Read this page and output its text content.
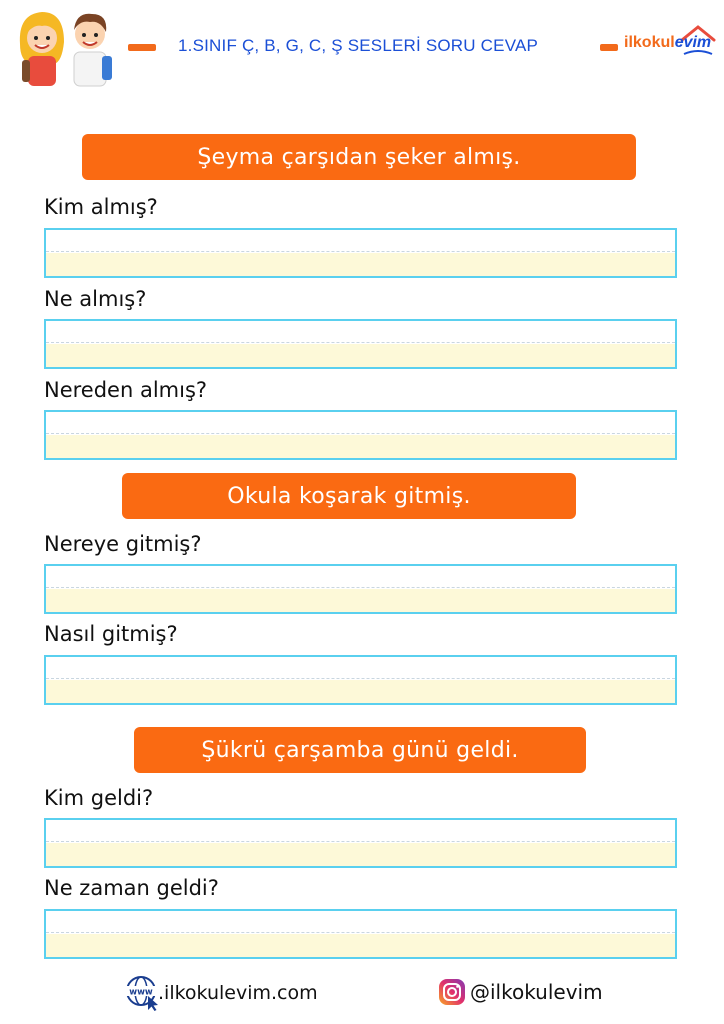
1.SINIF Ç, B, G, C, Ş SESLERİ SORU CEVAP	ilkokulevim
Şeyma çarşıdan şeker almış.
Kim almış?
Ne almış?
Nereden almış?
Okula koşarak gitmiş.
Nereye gitmiş?
Nasıl gitmiş?
Şükrü çarşamba günü geldi.
Kim geldi?
Ne zaman geldi?
www .ilkokulevim.com	@ilkokulevim
